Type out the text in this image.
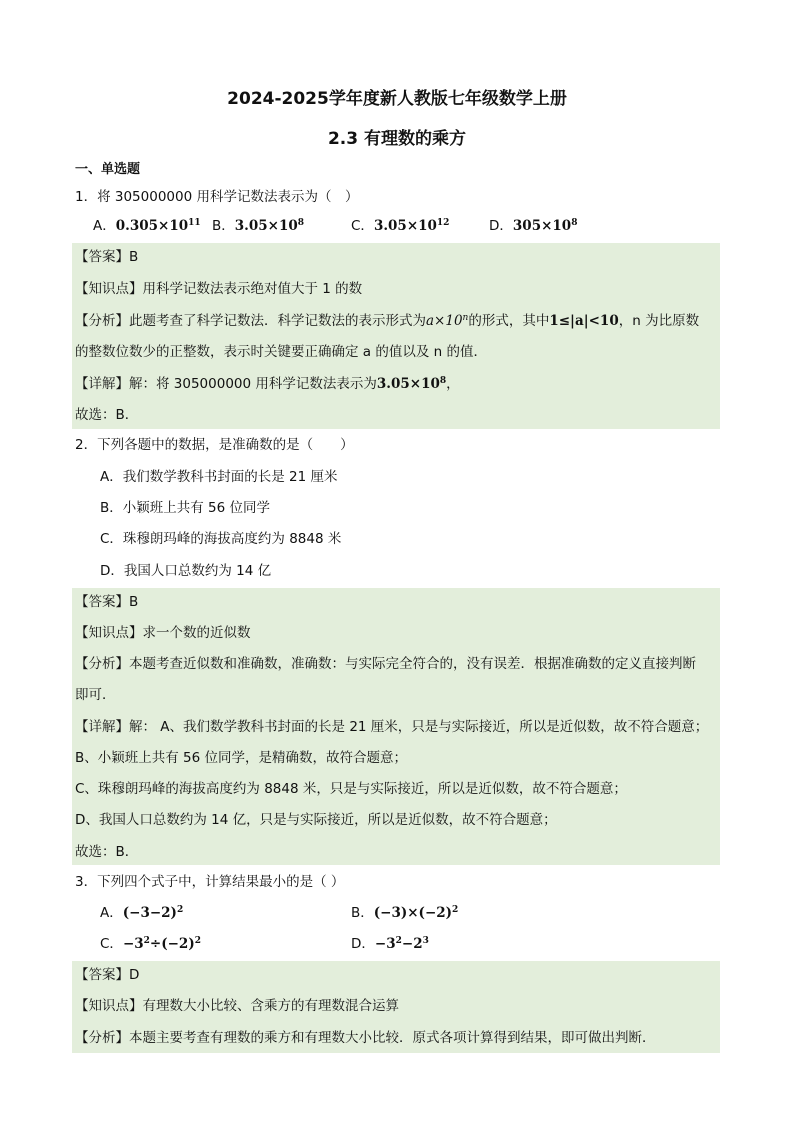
2024-2025学年度新人教版七年级数学上册
2.3 有理数的乘方
一、单选题
1．将 305000000 用科学记数法表示为（　）
A．$0.305\times 10^{11}$ B．$3.05\times 10^8$	C．$3.05\times 10^{12}$	D．$305\times 10^8$
【答案】B
【知识点】用科学记数法表示绝对值大于 1 的数
【分析】此题考查了科学记数法．科学记数法的表示形式为$a\times 10^n$的形式，其中1≤|a|<10，n 为比原数
的整数位数少的正整数，表示时关键要正确确定 a 的值以及 n 的值．
【详解】解：将 305000000 用科学记数法表示为$3.05\times 10^8$，
故选：B．
2．下列各题中的数据，是准确数的是（　　）
A．我们数学教科书封面的长是 21 厘米
B．小颖班上共有 56 位同学
C．珠穆朗玛峰的海拔高度约为 8848 米
D．我国人口总数约为 14 亿
【答案】B
【知识点】求一个数的近似数
【分析】本题考查近似数和准确数，准确数：与实际完全符合的，没有误差．根据准确数的定义直接判断
即可．
【详解】解： A、我们数学教科书封面的长是 21 厘米，只是与实际接近，所以是近似数，故不符合题意；
B、小颖班上共有 56 位同学，是精确数，故符合题意；
C、珠穆朗玛峰的海拔高度约为 8848 米，只是与实际接近，所以是近似数，故不符合题意；
D、我国人口总数约为 14 亿，只是与实际接近，所以是近似数，故不符合题意；
故选：B．
3．下列四个式子中，计算结果最小的是（ ）
A．$(-3-2)^2$	B．$(-3)\times(-2)^2$
C．$-3^2\div(-2)^2$	D．$-3^2-2^3$
【答案】D
【知识点】有理数大小比较、含乘方的有理数混合运算
【分析】本题主要考查有理数的乘方和有理数大小比较．原式各项计算得到结果，即可做出判断．
